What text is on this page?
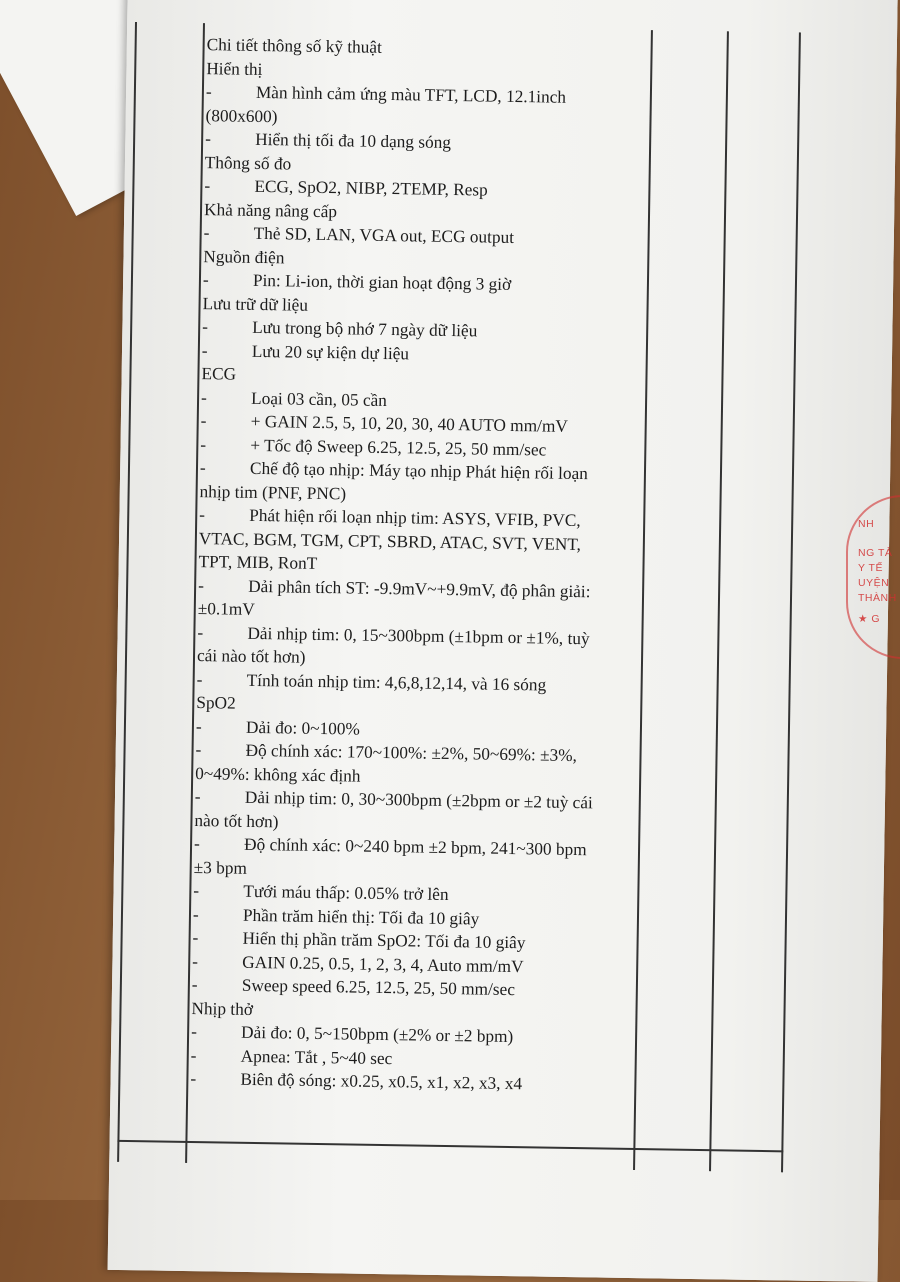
Chi tiết thông số kỹ thuật
Hiển thị
-	Màn hình cảm ứng màu TFT, LCD, 12.1inch
(800x600)
-	Hiển thị tối đa 10 dạng sóng
Thông số đo
-	ECG, SpO2, NIBP, 2TEMP, Resp
Khả năng nâng cấp
-	Thẻ SD, LAN, VGA out, ECG output
Nguồn điện
-	Pin: Li-ion, thời gian hoạt động 3 giờ
Lưu trữ dữ liệu
-	Lưu trong bộ nhớ 7 ngày dữ liệu
-	Lưu 20 sự kiện dự liệu
ECG
-	Loại 03 cần, 05 cần
-	+ GAIN 2.5, 5, 10, 20, 30, 40 AUTO mm/mV
-	+ Tốc độ Sweep 6.25, 12.5, 25, 50 mm/sec
-	Chế độ tạo nhịp: Máy tạo nhịp Phát hiện rối loạn
nhịp tim (PNF, PNC)
-	Phát hiện rối loạn nhịp tim: ASYS, VFIB, PVC,
VTAC, BGM, TGM, CPT, SBRD, ATAC, SVT, VENT,
TPT, MIB, RonT
-	Dải phân tích ST: -9.9mV~+9.9mV, độ phân giải:
±0.1mV
-	Dải nhịp tim: 0, 15~300bpm (±1bpm or ±1%, tuỳ
cái nào tốt hơn)
-	Tính toán nhịp tim: 4,6,8,12,14, và 16 sóng
SpO2
-	Dải đo: 0~100%
-	Độ chính xác: 170~100%: ±2%, 50~69%: ±3%,
0~49%: không xác định
-	Dải nhịp tim: 0, 30~300bpm (±2bpm or ±2 tuỳ cái
nào tốt hơn)
-	Độ chính xác: 0~240 bpm ±2 bpm, 241~300 bpm
±3 bpm
-	Tưới máu thấp: 0.05% trở lên
-	Phần trăm hiển thị: Tối đa 10 giây
-	Hiển thị phần trăm SpO2: Tối đa 10 giây
-	GAIN 0.25, 0.5, 1, 2, 3, 4, Auto mm/mV
-	Sweep speed 6.25, 12.5, 25, 50 mm/sec
Nhịp thở
-	Dải đo: 0, 5~150bpm (±2% or ±2 bpm)
-	Apnea: Tắt , 5~40 sec
-	Biên độ sóng: x0.25, x0.5, x1, x2, x3, x4
NH
NG TẢ
Y TẾ
UYỆN
THÀNH
★ G
